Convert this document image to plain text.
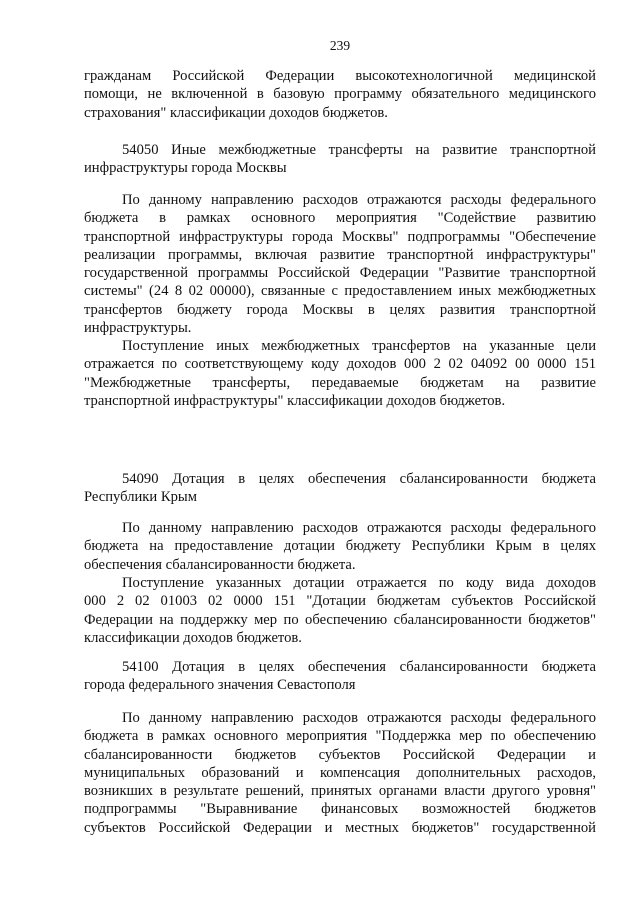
239
гражданам Российской Федерации высокотехнологичной медицинской
помощи, не включенной в базовую программу обязательного медицинского
страхования" классификации доходов бюджетов.
54050 Иные межбюджетные трансферты на развитие транспортной
инфраструктуры города Москвы
По данному направлению расходов отражаются расходы федерального
бюджета в рамках основного мероприятия "Содействие развитию
транспортной инфраструктуры города Москвы" подпрограммы "Обеспечение
реализации программы, включая развитие транспортной инфраструктуры"
государственной программы Российской Федерации "Развитие транспортной
системы" (24 8 02 00000), связанные с предоставлением иных межбюджетных
трансфертов бюджету города Москвы в целях развития транспортной
инфраструктуры.
Поступление иных межбюджетных трансфертов на указанные цели
отражается по соответствующему коду доходов 000 2 02 04092 00 0000 151
"Межбюджетные трансферты, передаваемые бюджетам на развитие
транспортной инфраструктуры" классификации доходов бюджетов.
54090 Дотация в целях обеспечения сбалансированности бюджета
Республики Крым
По данному направлению расходов отражаются расходы федерального
бюджета на предоставление дотации бюджету Республики Крым в целях
обеспечения сбалансированности бюджета.
Поступление указанных дотации отражается по коду вида доходов
000 2 02 01003 02 0000 151 "Дотации бюджетам субъектов Российской
Федерации на поддержку мер по обеспечению сбалансированности бюджетов"
классификации доходов бюджетов.
54100 Дотация в целях обеспечения сбалансированности бюджета
города федерального значения Севастополя
По данному направлению расходов отражаются расходы федерального
бюджета в рамках основного мероприятия "Поддержка мер по обеспечению
сбалансированности бюджетов субъектов Российской Федерации и
муниципальных образований и компенсация дополнительных расходов,
возникших в результате решений, принятых органами власти другого уровня"
подпрограммы "Выравнивание финансовых возможностей бюджетов
субъектов Российской Федерации и местных бюджетов" государственной
